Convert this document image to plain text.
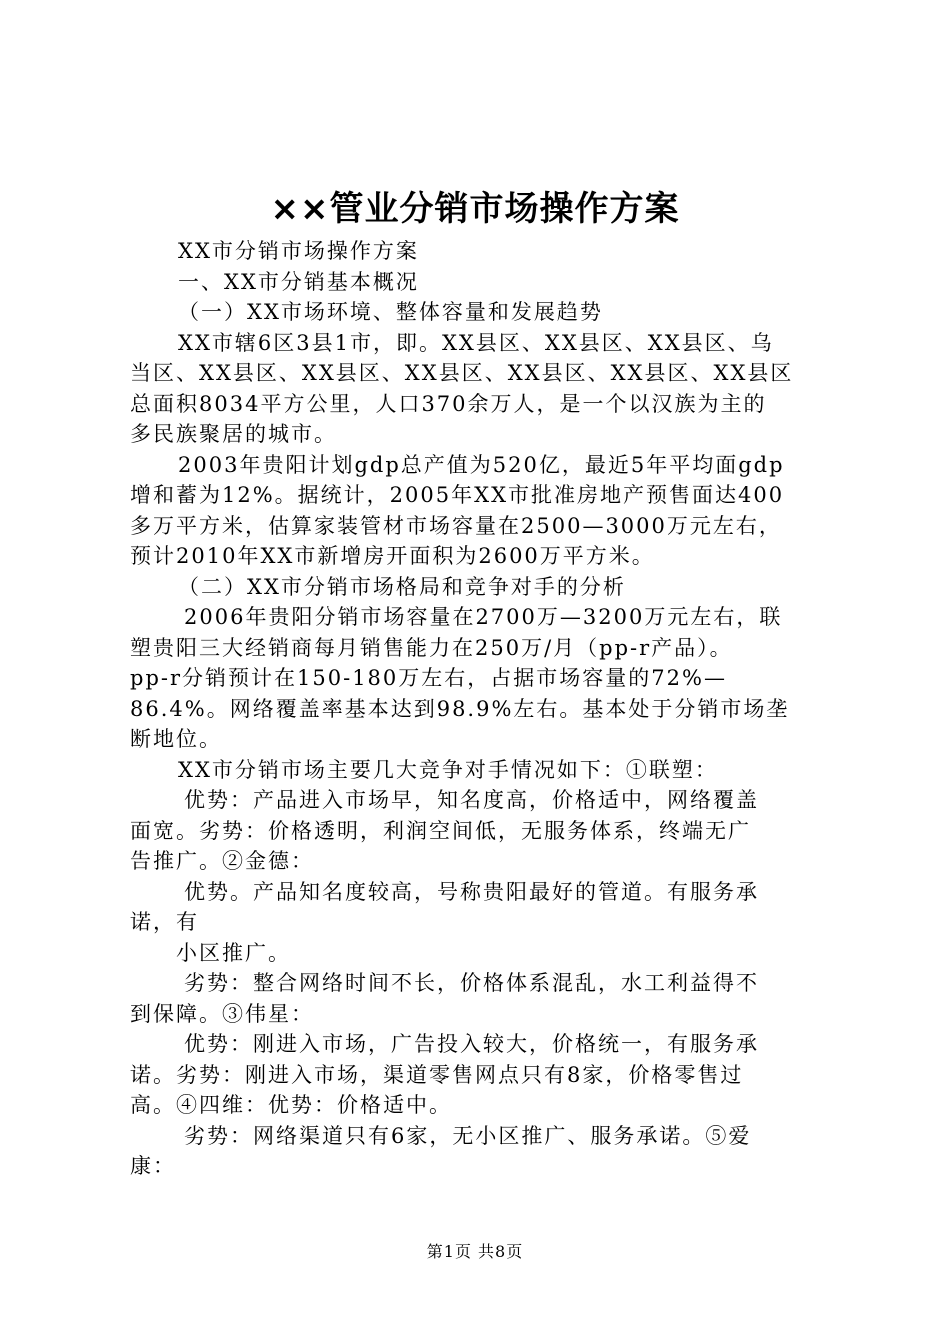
××管业分销市场操作方案

XX市分销市场操作方案

一、XX市分销基本概况

（一）XX市场环境、整体容量和发展趋势

XX市辖6区3县1市，即。XX县区、XX县区、XX县区、乌

当区、XX县区、XX县区、XX县区、XX县区、XX县区、XX县区

总面积8034平方公里，人口370余万人，是一个以汉族为主的

多民族聚居的城市。

2003年贵阳计划gdp总产值为520亿，最近5年平均面gdp

增和蓄为12%。据统计，2005年XX市批准房地产预售面达400

多万平方米，估算家装管材市场容量在2500—3000万元左右，

预计2010年XX市新增房开面积为2600万平方米。

（二）XX市分销市场格局和竞争对手的分析

2006年贵阳分销市场容量在2700万—3200万元左右，联

塑贵阳三大经销商每月销售能力在250万/月（pp-r产品）。

pp-r分销预计在150-180万左右，占据市场容量的72%—

86.4%。网络覆盖率基本达到98.9%左右。基本处于分销市场垄

断地位。

XX市分销市场主要几大竞争对手情况如下：①联塑：

优势：产品进入市场早，知名度高，价格适中，网络覆盖

面宽。劣势：价格透明，利润空间低，无服务体系，终端无广

告推广。②金德：

优势。产品知名度较高，号称贵阳最好的管道。有服务承

诺，有

小区推广。

劣势：整合网络时间不长，价格体系混乱，水工利益得不

到保障。③伟星：

优势：刚进入市场，广告投入较大，价格统一，有服务承

诺。劣势：刚进入市场，渠道零售网点只有8家，价格零售过

高。④四维：优势：价格适中。

劣势：网络渠道只有6家，无小区推广、服务承诺。⑤爱

康：

第1页 共8页
